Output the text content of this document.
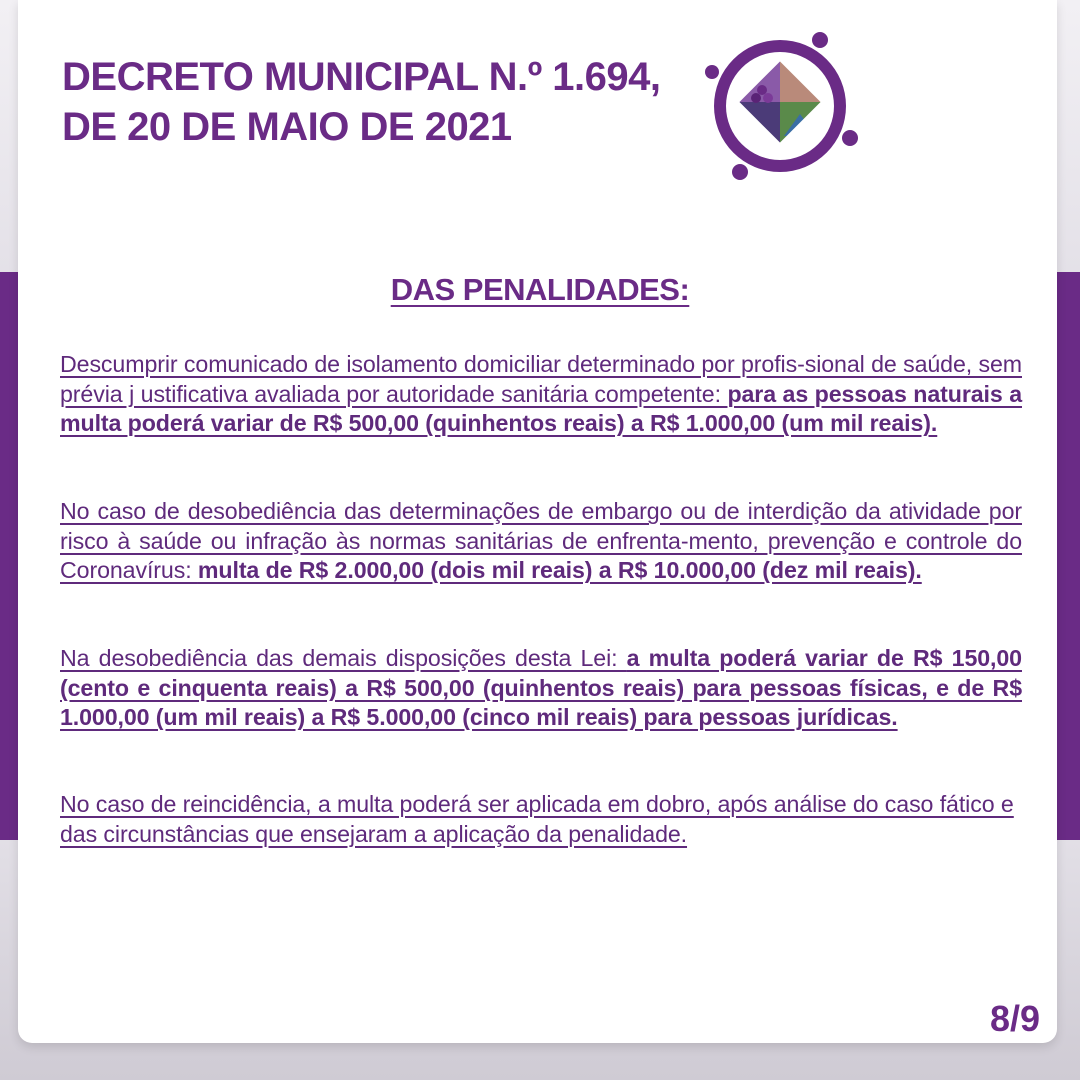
DECRETO MUNICIPAL N.º 1.694,
DE 20 DE MAIO DE 2021
DAS PENALIDADES:

Descumprir comunicado de isolamento domiciliar determinado por profis-sional de saúde, sem prévia j ustificativa avaliada por autoridade sanitária competente: para as pessoas naturais a multa poderá variar de R$ 500,00 (quinhentos reais) a R$ 1.000,00 (um mil reais).

No caso de desobediência das determinações de embargo ou de interdição da atividade por risco à saúde ou infração às normas sanitárias de enfrenta-mento, prevenção e controle do Coronavírus: multa de R$ 2.000,00 (dois mil reais) a R$ 10.000,00 (dez mil reais).

Na desobediência das demais disposições desta Lei: a multa poderá variar de R$ 150,00 (cento e cinquenta reais) a R$ 500,00 (quinhentos reais) para pessoas físicas, e de R$ 1.000,00 (um mil reais) a R$ 5.000,00 (cinco mil reais) para pessoas jurídicas.

No caso de reincidência, a multa poderá ser aplicada em dobro, após análise do caso fático e das circunstâncias que ensejaram a aplicação da penalidade.

8/9
